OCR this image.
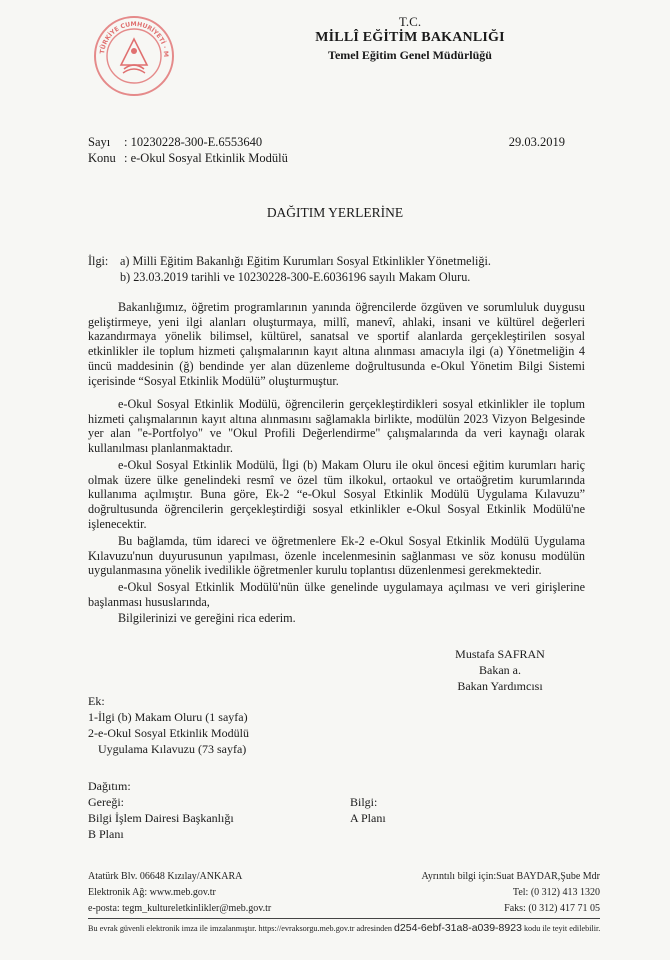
TÜRKİYE CUMHURİYETİ · M
T.C.
MİLLÎ EĞİTİM BAKANLIĞI
Temel Eğitim Genel Müdürlüğü
Sayı : 10230228-300-E.6553640	29.03.2019
Konu : e-Okul Sosyal Etkinlik Modülü
DAĞITIM YERLERİNE
İlgi: a) Milli Eğitim Bakanlığı Eğitim Kurumları Sosyal Etkinlikler Yönetmeliği.
b) 23.03.2019 tarihli ve 10230228-300-E.6036196 sayılı Makam Oluru.

Bakanlığımız, öğretim programlarının yanında öğrencilerde özgüven ve sorumluluk duygusu geliştirmeye, yeni ilgi alanları oluşturmaya, millî, manevî, ahlaki, insani ve kültürel değerleri kazandırmaya yönelik bilimsel, kültürel, sanatsal ve sportif alanlarda gerçekleştirilen sosyal etkinlikler ile toplum hizmeti çalışmalarının kayıt altına alınması amacıyla ilgi (a) Yönetmeliğin 4 üncü maddesinin (ğ) bendinde yer alan düzenleme doğrultusunda e-Okul Yönetim Bilgi Sistemi içerisinde “Sosyal Etkinlik Modülü” oluşturmuştur.

e-Okul Sosyal Etkinlik Modülü, öğrencilerin gerçekleştirdikleri sosyal etkinlikler ile toplum hizmeti çalışmalarının kayıt altına alınmasını sağlamakla birlikte, modülün 2023 Vizyon Belgesinde yer alan "e-Portfolyo" ve "Okul Profili Değerlendirme" çalışmalarında da veri kaynağı olarak kullanılması planlanmaktadır.

e-Okul Sosyal Etkinlik Modülü, İlgi (b) Makam Oluru ile okul öncesi eğitim kurumları hariç olmak üzere ülke genelindeki resmî ve özel tüm ilkokul, ortaokul ve ortaöğretim kurumlarında kullanıma açılmıştır. Buna göre, Ek-2 “e-Okul Sosyal Etkinlik Modülü Uygulama Kılavuzu” doğrultusunda öğrencilerin gerçekleştirdiği sosyal etkinlikler e-Okul Sosyal Etkinlik Modülü'ne işlenecektir.

Bu bağlamda, tüm idareci ve öğretmenlere Ek-2 e-Okul Sosyal Etkinlik Modülü Uygulama Kılavuzu'nun duyurusunun yapılması, özenle incelenmesinin sağlanması ve söz konusu modülün uygulanmasına yönelik ivedilikle öğretmenler kurulu toplantısı düzenlenmesi gerekmektedir.

e-Okul Sosyal Etkinlik Modülü'nün ülke genelinde uygulamaya açılması ve veri girişlerine başlanması hususlarında,

Bilgilerinizi ve gereğini rica ederim.

Mustafa SAFRAN
Bakan a.
Bakan Yardımcısı
Ek:
1-İlgi (b) Makam Oluru (1 sayfa)
2-e-Okul Sosyal Etkinlik Modülü
Uygulama Kılavuzu (73 sayfa)
Dağıtım:
Gereği:
Bilgi İşlem Dairesi Başkanlığı
B Planı
Bilgi:
A Planı
Atatürk Blv. 06648 Kızılay/ANKARA
Elektronik Ağ: www.meb.gov.tr
e-posta: tegm_kultureletkinlikler@meb.gov.tr
Ayrıntılı bilgi için:Suat BAYDAR,Şube Mdr
Tel: (0 312) 413 1320
Faks: (0 312) 417 71 05
Bu evrak güvenli elektronik imza ile imzalanmıştır. https://evraksorgu.meb.gov.tr adresinden d254-6ebf-31a8-a039-8923 kodu ile teyit edilebilir.
